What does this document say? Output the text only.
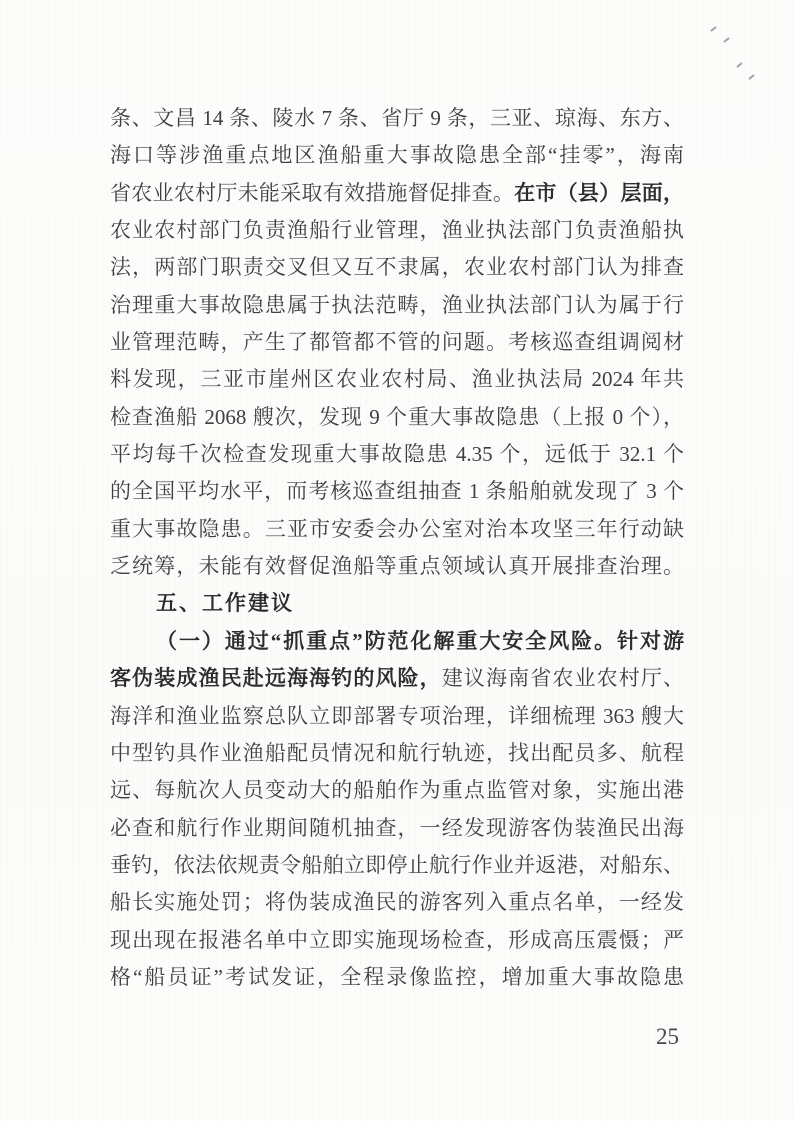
条、文昌 14 条、陵水 7 条、省厅 9 条，三亚、琼海、东方、
海口等涉渔重点地区渔船重大事故隐患全部“挂零”，海南
省农业农村厅未能采取有效措施督促排查。在市（县）层面，
农业农村部门负责渔船行业管理，渔业执法部门负责渔船执
法，两部门职责交叉但又互不隶属，农业农村部门认为排查
治理重大事故隐患属于执法范畴，渔业执法部门认为属于行
业管理范畴，产生了都管都不管的问题。考核巡查组调阅材
料发现，三亚市崖州区农业农村局、渔业执法局 2024 年共
检查渔船 2068 艘次，发现 9 个重大事故隐患（上报 0 个），
平均每千次检查发现重大事故隐患 4.35 个，远低于 32.1 个
的全国平均水平，而考核巡查组抽查 1 条船舶就发现了 3 个
重大事故隐患。三亚市安委会办公室对治本攻坚三年行动缺
乏统筹，未能有效督促渔船等重点领域认真开展排查治理。
五、工作建议
（一）通过“抓重点”防范化解重大安全风险。针对游
客伪装成渔民赴远海海钓的风险，建议海南省农业农村厅、
海洋和渔业监察总队立即部署专项治理，详细梳理 363 艘大
中型钓具作业渔船配员情况和航行轨迹，找出配员多、航程
远、每航次人员变动大的船舶作为重点监管对象，实施出港
必查和航行作业期间随机抽查，一经发现游客伪装渔民出海
垂钓，依法依规责令船舶立即停止航行作业并返港，对船东、
船长实施处罚；将伪装成渔民的游客列入重点名单，一经发
现出现在报港名单中立即实施现场检查，形成高压震慑；严
格“船员证”考试发证，全程录像监控，增加重大事故隐患
25
